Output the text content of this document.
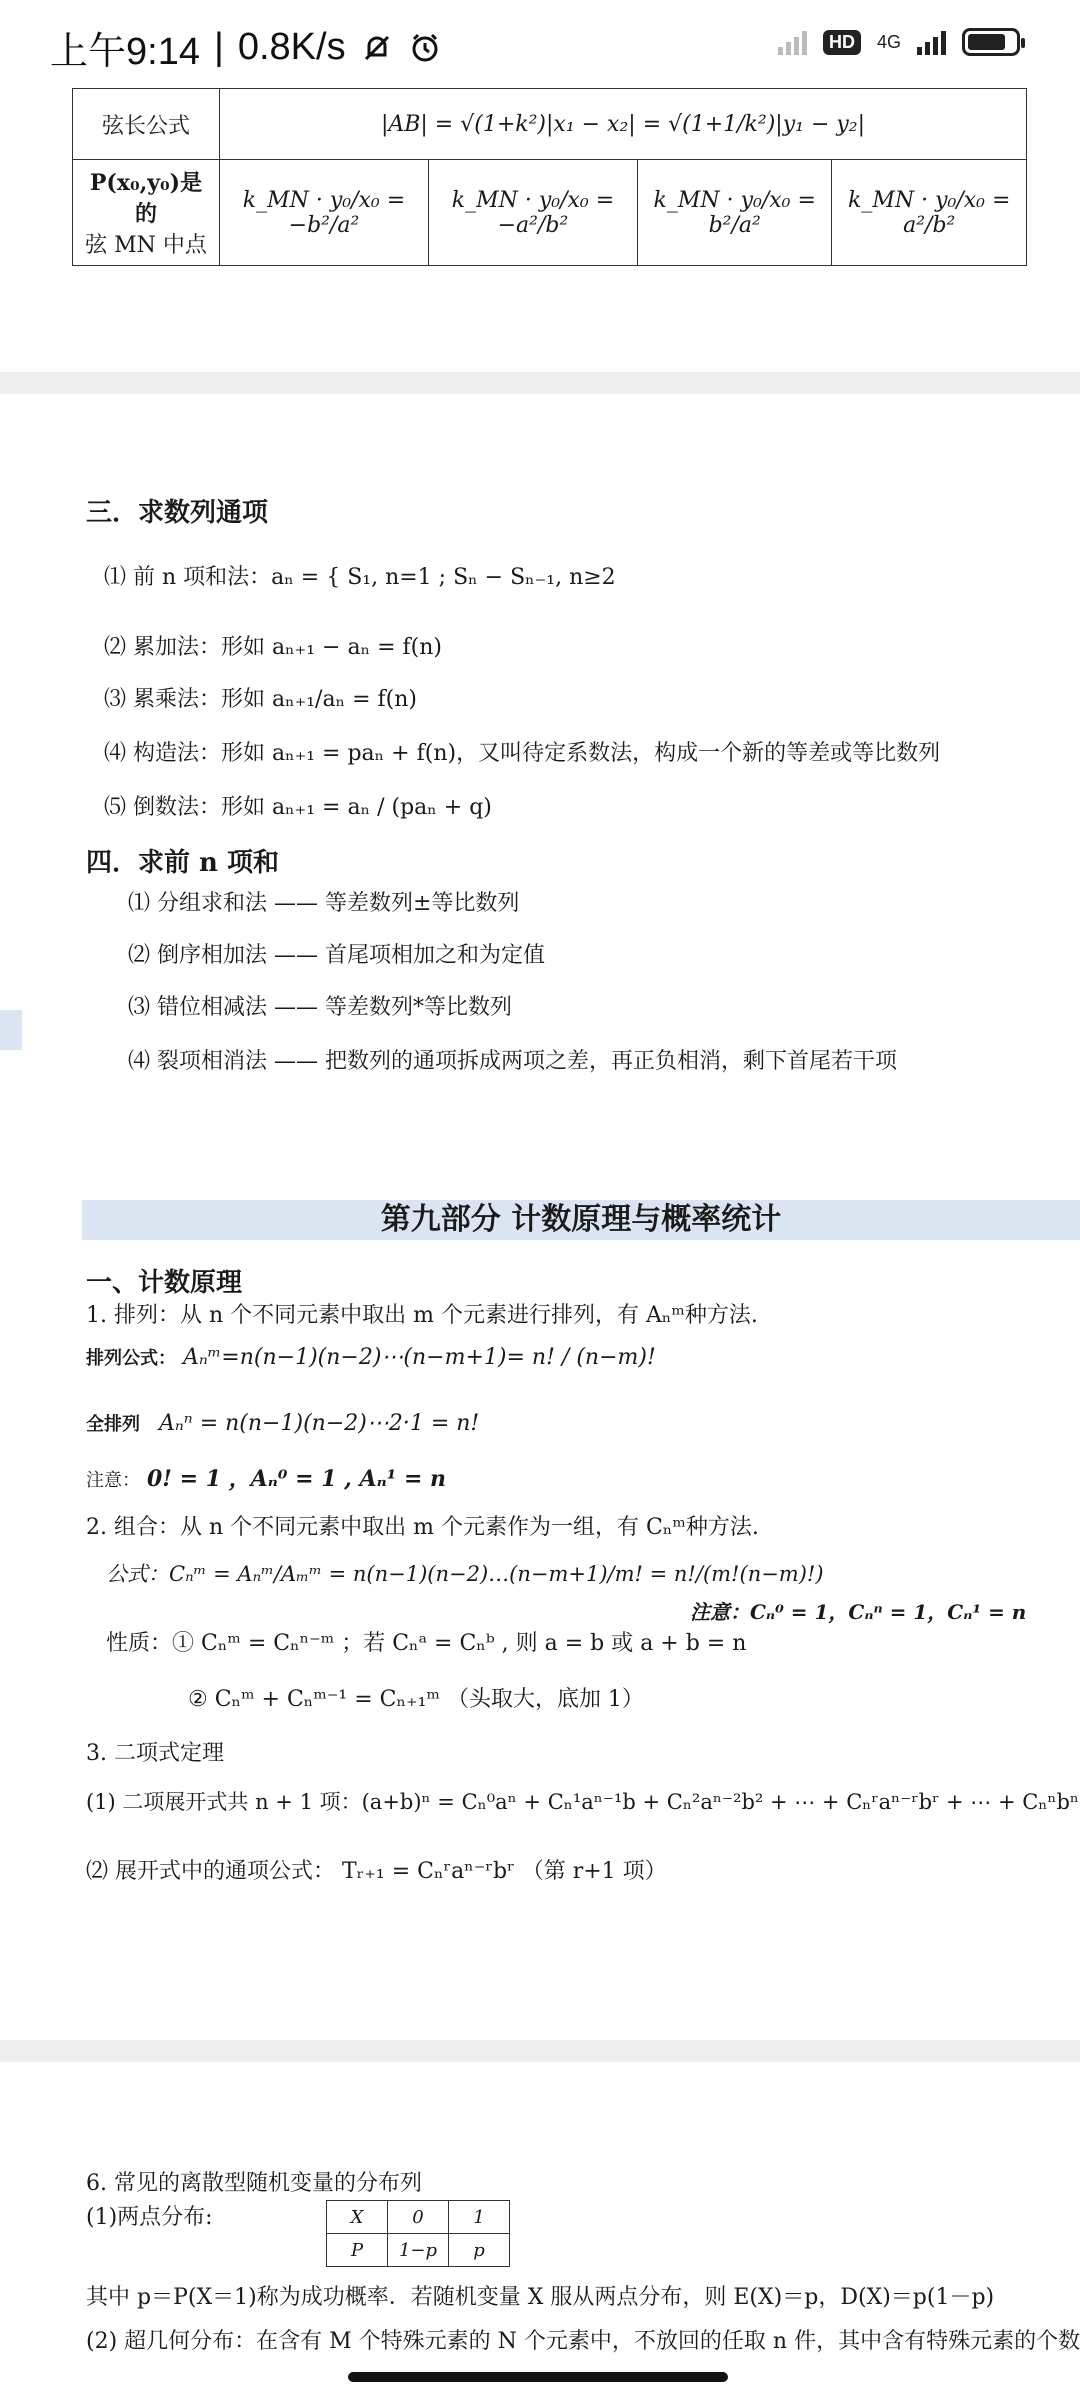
上午9:14 | 0.8K/s	HD	4G
弦长公式	|AB| = √(1+k²)|x₁ − x₂| = √(1+1/k²)|y₁ − y₂|			

P(x₀,y₀)是的
弦 MN 中点	k_MN · y₀/x₀ = −b²/a²	k_MN · y₀/x₀ = −a²/b²	k_MN · y₀/x₀ = b²/a²	k_MN · y₀/x₀ = a²/b²
三．求数列通项
⑴ 前 n 项和法：aₙ = { S₁, n=1 ; Sₙ − Sₙ₋₁, n≥2
⑵ 累加法：形如 aₙ₊₁ − aₙ = f(n)
⑶ 累乘法：形如 aₙ₊₁/aₙ = f(n)
⑷ 构造法：形如 aₙ₊₁ = paₙ + f(n)，又叫待定系数法，构成一个新的等差或等比数列
⑸ 倒数法：形如 aₙ₊₁ = aₙ / (paₙ + q)
四．求前 n 项和
⑴ 分组求和法 —— 等差数列±等比数列
⑵ 倒序相加法 —— 首尾项相加之和为定值
⑶ 错位相减法 —— 等差数列*等比数列
⑷ 裂项相消法 —— 把数列的通项拆成两项之差，再正负相消，剩下首尾若干项
第九部分 计数原理与概率统计
一、计数原理
1. 排列：从 n 个不同元素中取出 m 个元素进行排列，有 Aₙᵐ种方法.
排列公式： Aₙᵐ=n(n−1)(n−2)⋯(n−m+1)= n! / (n−m)!
全排列 Aₙⁿ = n(n−1)(n−2)⋯2·1 = n!
注意： 0! = 1 ，Aₙ⁰ = 1 , Aₙ¹ = n
2. 组合：从 n 个不同元素中取出 m 个元素作为一组，有 Cₙᵐ种方法.
公式：Cₙᵐ = Aₙᵐ/Aₘᵐ = n(n−1)(n−2)…(n−m+1)/m! = n!/(m!(n−m)!)
注意：Cₙ⁰ = 1，Cₙⁿ = 1，Cₙ¹ = n
性质：① Cₙᵐ = Cₙⁿ⁻ᵐ ；若 Cₙᵃ = Cₙᵇ , 则 a = b 或 a + b = n
② Cₙᵐ + Cₙᵐ⁻¹ = Cₙ₊₁ᵐ （头取大，底加 1）
3. 二项式定理
(1) 二项展开式共 n + 1 项：(a+b)ⁿ = Cₙ⁰aⁿ + Cₙ¹aⁿ⁻¹b + Cₙ²aⁿ⁻²b² + ⋯ + Cₙʳaⁿ⁻ʳbʳ + ⋯ + Cₙⁿbⁿ
⑵ 展开式中的通项公式： Tᵣ₊₁ = Cₙʳaⁿ⁻ʳbʳ （第 r+1 项）
6. 常见的离散型随机变量的分布列
(1)两点分布:	X	0	1
P	1−p	p
其中 p＝P(X＝1)称为成功概率．若随机变量 X 服从两点分布，则 E(X)＝p，D(X)＝p(1－p)
(2) 超几何分布：在含有 M 个特殊元素的 N 个元素中，不放回的任取 n 件，其中含有特殊元素的个数
